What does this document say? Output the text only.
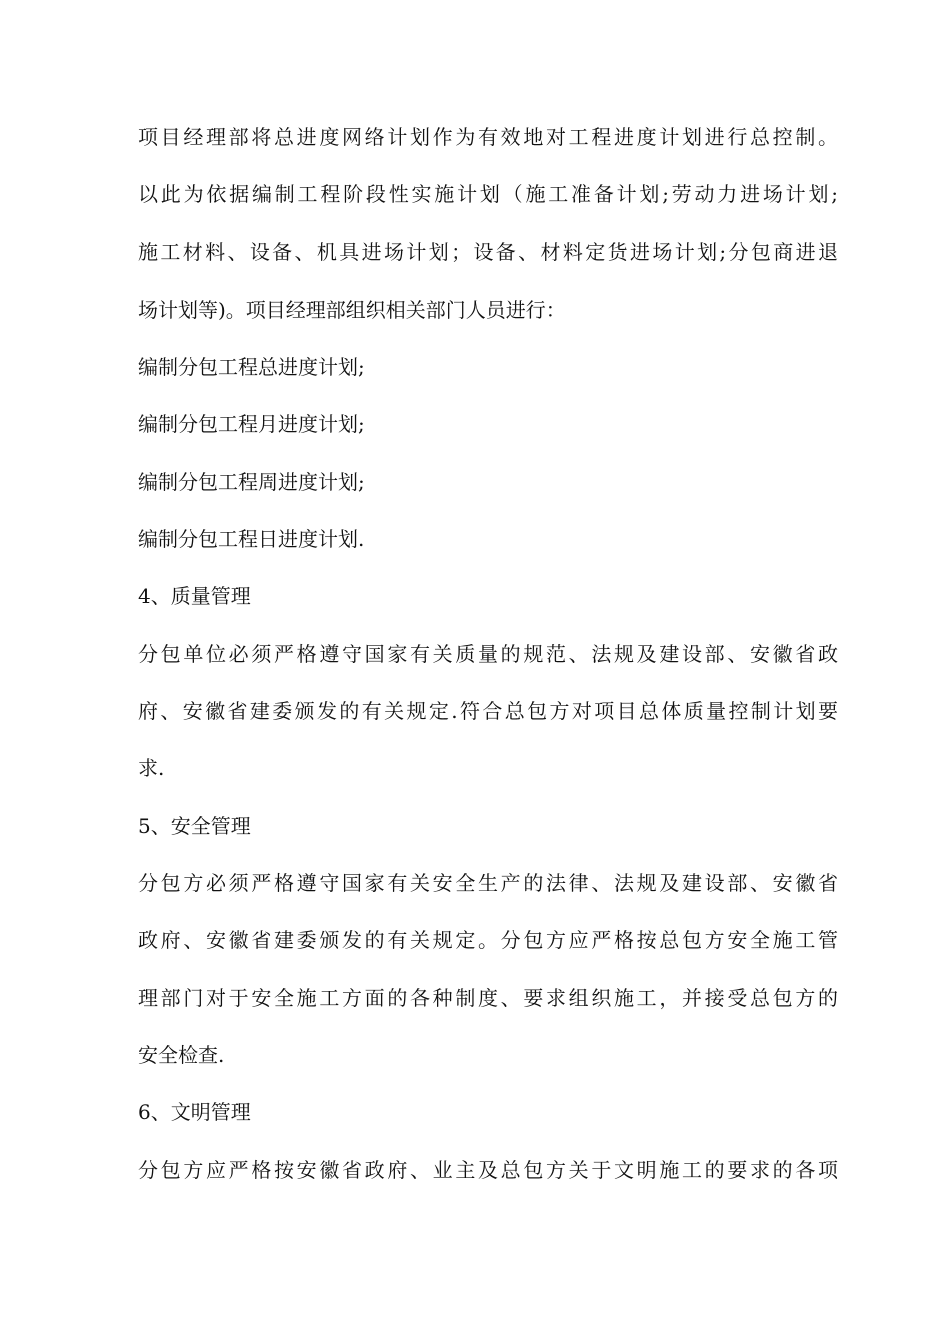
项目经理部将总进度网络计划作为有效地对工程进度计划进行总控制。
以此为依据编制工程阶段性实施计划（施工准备计划;劳动力进场计划;
施工材料、设备、机具进场计划；设备、材料定货进场计划;分包商进退
场计划等)。项目经理部组织相关部门人员进行：
编制分包工程总进度计划;
编制分包工程月进度计划;
编制分包工程周进度计划;
编制分包工程日进度计划.
4、质量管理
分包单位必须严格遵守国家有关质量的规范、法规及建设部、安徽省政
府、安徽省建委颁发的有关规定.符合总包方对项目总体质量控制计划要
求.
5、安全管理
分包方必须严格遵守国家有关安全生产的法律、法规及建设部、安徽省
政府、安徽省建委颁发的有关规定。分包方应严格按总包方安全施工管
理部门对于安全施工方面的各种制度、要求组织施工，并接受总包方的
安全检查.
6、文明管理
分包方应严格按安徽省政府、业主及总包方关于文明施工的要求的各项
